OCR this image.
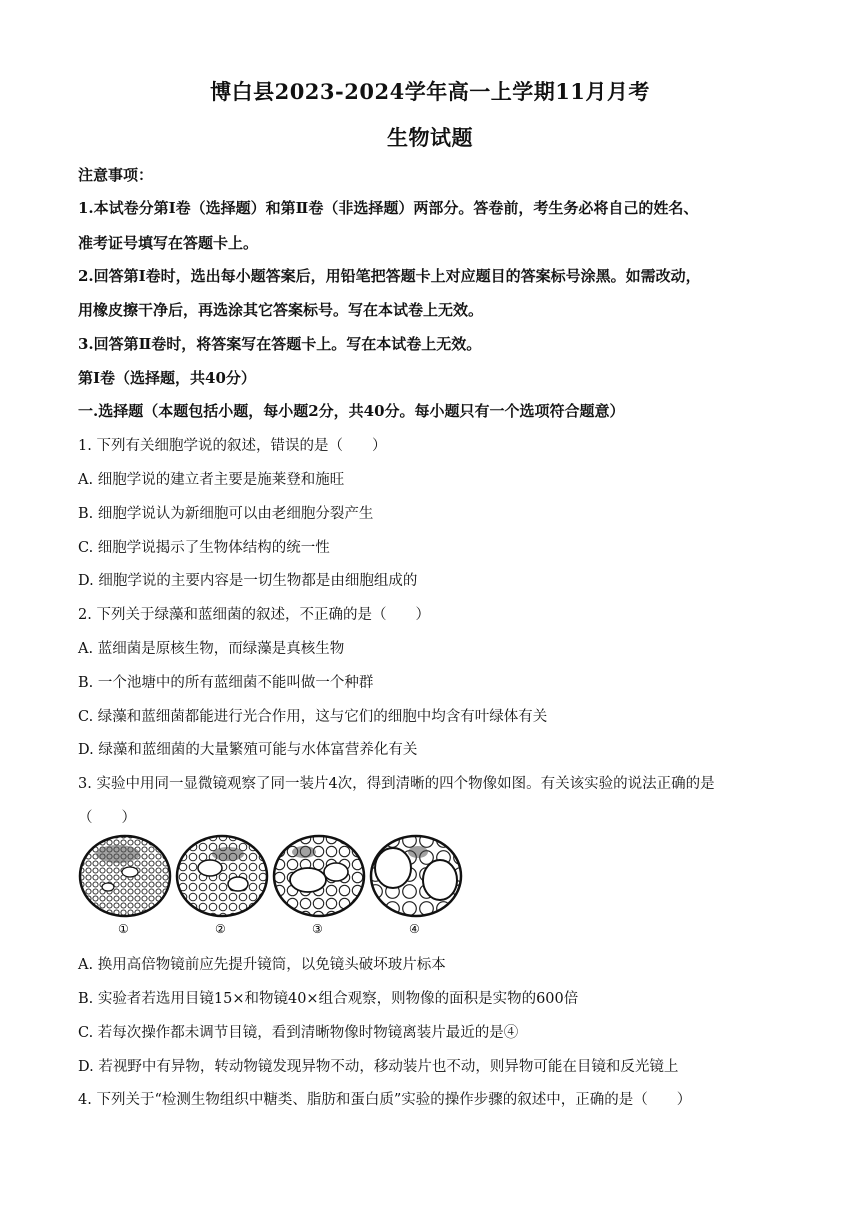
博白县2023-2024学年高一上学期11月月考
生物试题
注意事项：
1.本试卷分第Ⅰ卷（选择题）和第Ⅱ卷（非选择题）两部分。答卷前，考生务必将自己的姓名、
准考证号填写在答题卡上。
2.回答第Ⅰ卷时，选出每小题答案后，用铅笔把答题卡上对应题目的答案标号涂黑。如需改动，
用橡皮擦干净后，再选涂其它答案标号。写在本试卷上无效。
3.回答第Ⅱ卷时，将答案写在答题卡上。写在本试卷上无效。
第Ⅰ卷（选择题，共40分）
一.选择题（本题包括小题，每小题2分，共40分。每小题只有一个选项符合题意）
1. 下列有关细胞学说的叙述，错误的是（　　）
A. 细胞学说的建立者主要是施莱登和施旺
B. 细胞学说认为新细胞可以由老细胞分裂产生
C. 细胞学说揭示了生物体结构的统一性
D. 细胞学说的主要内容是一切生物都是由细胞组成的
2. 下列关于绿藻和蓝细菌的叙述，不正确的是（　　）
A. 蓝细菌是原核生物，而绿藻是真核生物
B. 一个池塘中的所有蓝细菌不能叫做一个种群
C. 绿藻和蓝细菌都能进行光合作用，这与它们的细胞中均含有叶绿体有关
D. 绿藻和蓝细菌的大量繁殖可能与水体富营养化有关
3. 实验中用同一显微镜观察了同一装片4次，得到清晰的四个物像如图。有关该实验的说法正确的是
（　　）
①	②	③	④
A. 换用高倍物镜前应先提升镜筒，以免镜头破坏玻片标本
B. 实验者若选用目镜15×和物镜40×组合观察，则物像的面积是实物的600倍
C. 若每次操作都未调节目镜，看到清晰物像时物镜离装片最近的是④
D. 若视野中有异物，转动物镜发现异物不动，移动装片也不动，则异物可能在目镜和反光镜上
4. 下列关于“检测生物组织中糖类、脂肪和蛋白质”实验的操作步骤的叙述中，正确的是（　　）
